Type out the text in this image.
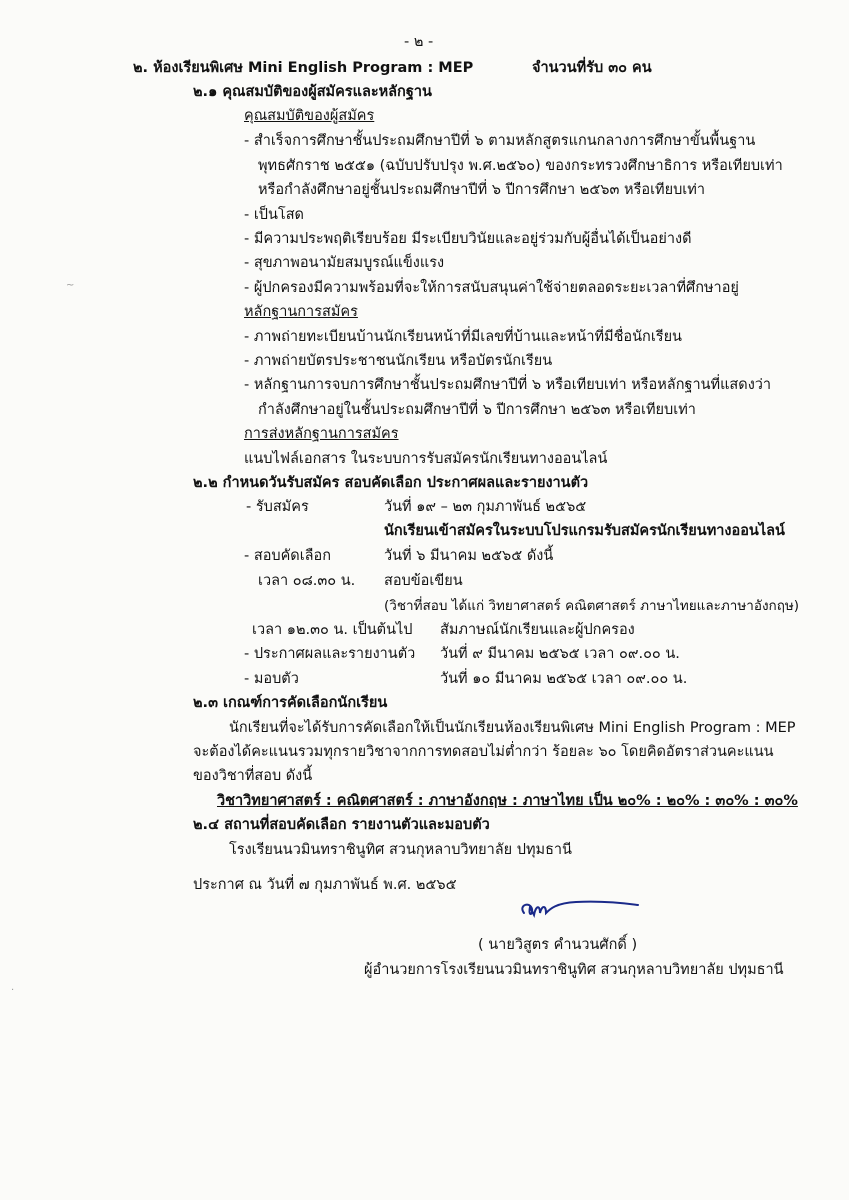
- ๒ -
๒. ห้องเรียนพิเศษ Mini English Program : MEP	จำนวนที่รับ ๓๐ คน
๒.๑ คุณสมบัติของผู้สมัครและหลักฐาน
คุณสมบัติของผู้สมัคร
- สำเร็จการศึกษาชั้นประถมศึกษาปีที่ ๖ ตามหลักสูตรแกนกลางการศึกษาขั้นพื้นฐาน
พุทธศักราช ๒๕๕๑ (ฉบับปรับปรุง พ.ศ.๒๕๖๐) ของกระทรวงศึกษาธิการ หรือเทียบเท่า
หรือกำลังศึกษาอยู่ชั้นประถมศึกษาปีที่ ๖ ปีการศึกษา ๒๕๖๓ หรือเทียบเท่า
- เป็นโสด
- มีความประพฤติเรียบร้อย มีระเบียบวินัยและอยู่ร่วมกับผู้อื่นได้เป็นอย่างดี
- สุขภาพอนามัยสมบูรณ์แข็งแรง
- ผู้ปกครองมีความพร้อมที่จะให้การสนับสนุนค่าใช้จ่ายตลอดระยะเวลาที่ศึกษาอยู่
หลักฐานการสมัคร
- ภาพถ่ายทะเบียนบ้านนักเรียนหน้าที่มีเลขที่บ้านและหน้าที่มีชื่อนักเรียน
- ภาพถ่ายบัตรประชาชนนักเรียน หรือบัตรนักเรียน
- หลักฐานการจบการศึกษาชั้นประถมศึกษาปีที่ ๖ หรือเทียบเท่า หรือหลักฐานที่แสดงว่า
กำลังศึกษาอยู่ในชั้นประถมศึกษาปีที่ ๖ ปีการศึกษา ๒๕๖๓ หรือเทียบเท่า
การส่งหลักฐานการสมัคร
แนบไฟล์เอกสาร ในระบบการรับสมัครนักเรียนทางออนไลน์
๒.๒ กำหนดวันรับสมัคร สอบคัดเลือก ประกาศผลและรายงานตัว
- รับสมัคร	วันที่ ๑๙ – ๒๓ กุมภาพันธ์ ๒๕๖๕
นักเรียนเข้าสมัครในระบบโปรแกรมรับสมัครนักเรียนทางออนไลน์
- สอบคัดเลือก	วันที่ ๖ มีนาคม ๒๕๖๕ ดังนี้
เวลา ๐๘.๓๐ น. สอบข้อเขียน
(วิชาที่สอบ ได้แก่ วิทยาศาสตร์ คณิตศาสตร์ ภาษาไทยและภาษาอังกฤษ)
เวลา ๑๒.๓๐ น. เป็นต้นไป สัมภาษณ์นักเรียนและผู้ปกครอง
- ประกาศผลและรายงานตัว วันที่ ๙ มีนาคม ๒๕๖๕ เวลา ๐๙.๐๐ น.
- มอบตัว	วันที่ ๑๐ มีนาคม ๒๕๖๕ เวลา ๐๙.๐๐ น.
๒.๓ เกณฑ์การคัดเลือกนักเรียน
นักเรียนที่จะได้รับการคัดเลือกให้เป็นนักเรียนห้องเรียนพิเศษ Mini English Program : MEP
จะต้องได้คะแนนรวมทุกรายวิชาจากการทดสอบไม่ต่ำกว่า ร้อยละ ๖๐ โดยคิดอัตราส่วนคะแนน
ของวิชาที่สอบ ดังนี้
วิชาวิทยาศาสตร์ : คณิตศาสตร์ : ภาษาอังกฤษ : ภาษาไทย เป็น ๒๐% : ๒๐% : ๓๐% : ๓๐%
๒.๔ สถานที่สอบคัดเลือก รายงานตัวและมอบตัว
โรงเรียนนวมินทราชินูทิศ สวนกุหลาบวิทยาลัย ปทุมธานี
ประกาศ ณ วันที่ ๗ กุมภาพันธ์ พ.ศ. ๒๕๖๕
( นายวิสูตร คำนวนศักดิ์ )
ผู้อำนวยการโรงเรียนนวมินทราชินูทิศ สวนกุหลาบวิทยาลัย ปทุมธานี
~
·
